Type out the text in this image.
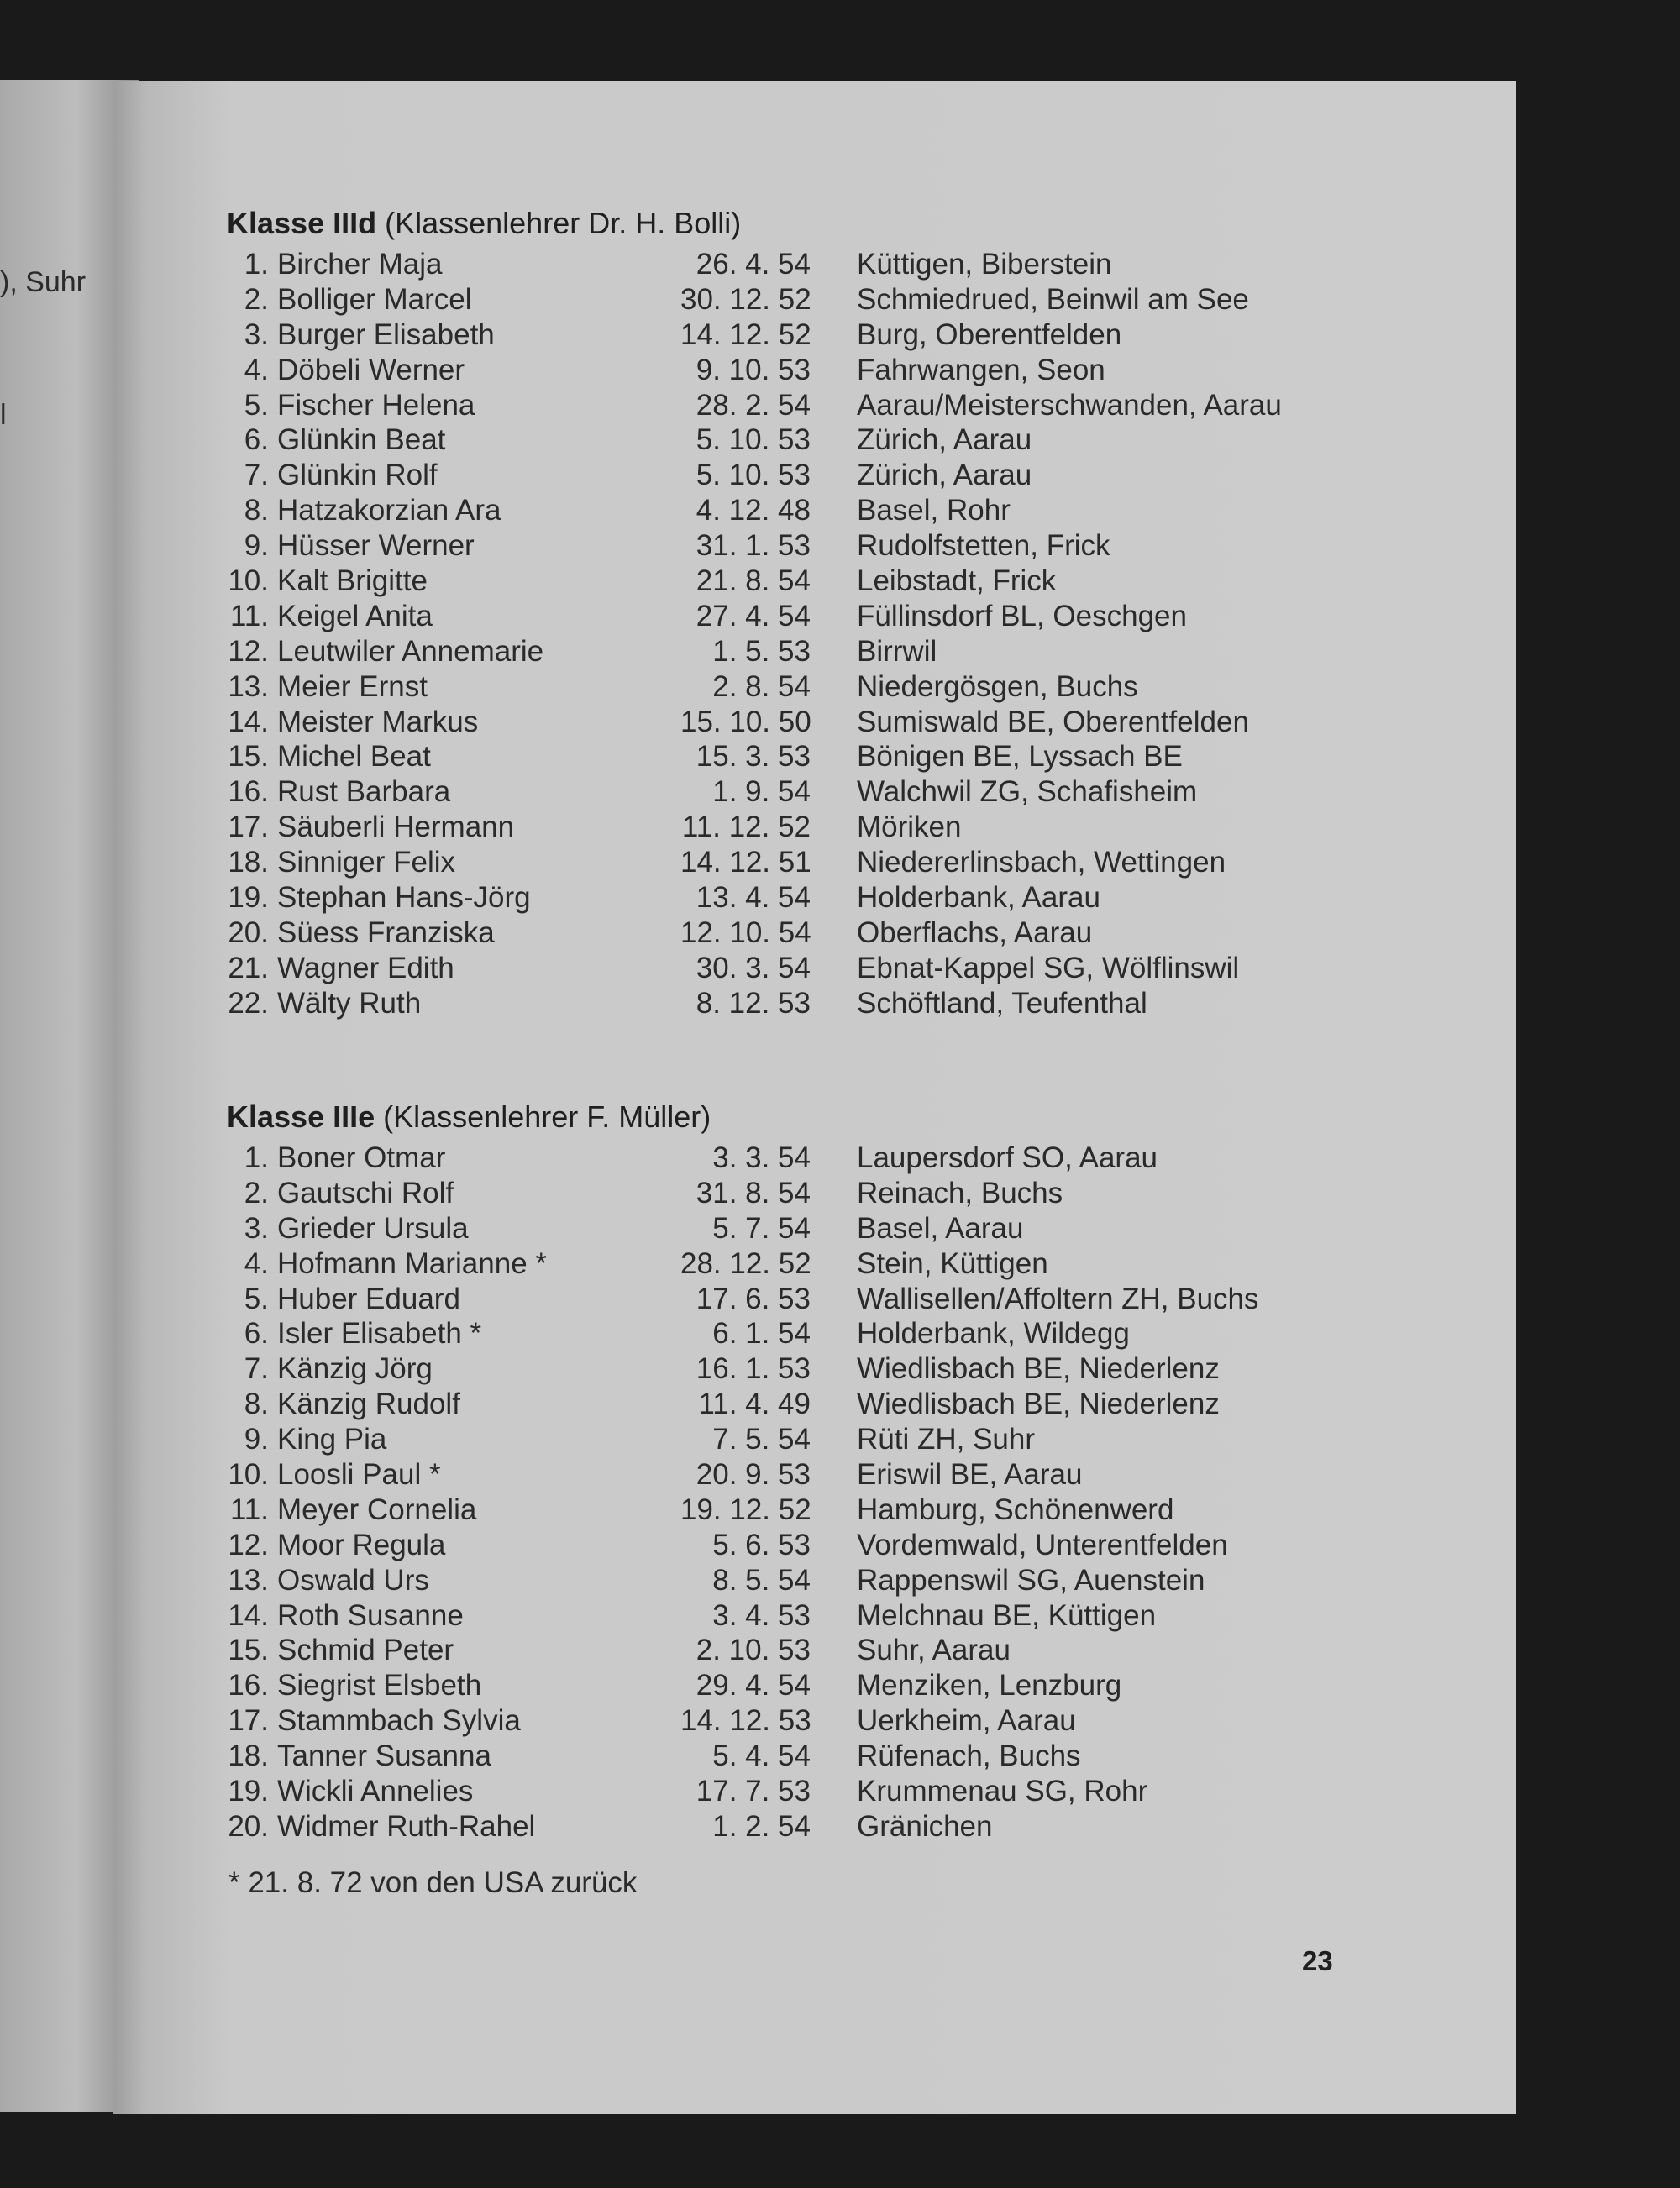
), Suhr
l
Klasse IIId (Klassenlehrer Dr. H. Bolli)
1. Bircher Maja	26. 4. 54 Küttigen, Biberstein
2. Bolliger Marcel	30. 12. 52 Schmiedrued, Beinwil am See
3. Burger Elisabeth	14. 12. 52 Burg, Oberentfelden
4. Döbeli Werner	9. 10. 53 Fahrwangen, Seon
5. Fischer Helena	28. 2. 54 Aarau/Meisterschwanden, Aarau
6. Glünkin Beat	5. 10. 53 Zürich, Aarau
7. Glünkin Rolf	5. 10. 53 Zürich, Aarau
8. Hatzakorzian Ara	4. 12. 48 Basel, Rohr
9. Hüsser Werner	31. 1. 53 Rudolfstetten, Frick
10. Kalt Brigitte	21. 8. 54 Leibstadt, Frick
11. Keigel Anita	27. 4. 54 Füllinsdorf BL, Oeschgen
12. Leutwiler Annemarie	1. 5. 53 Birrwil
13. Meier Ernst	2. 8. 54 Niedergösgen, Buchs
14. Meister Markus	15. 10. 50 Sumiswald BE, Oberentfelden
15. Michel Beat	15. 3. 53 Bönigen BE, Lyssach BE
16. Rust Barbara	1. 9. 54 Walchwil ZG, Schafisheim
17. Säuberli Hermann	11. 12. 52 Möriken
18. Sinniger Felix	14. 12. 51 Niedererlinsbach, Wettingen
19. Stephan Hans-Jörg	13. 4. 54 Holderbank, Aarau
20. Süess Franziska	12. 10. 54 Oberflachs, Aarau
21. Wagner Edith	30. 3. 54 Ebnat-Kappel SG, Wölflinswil
22. Wälty Ruth	8. 12. 53 Schöftland, Teufenthal
Klasse IIIe (Klassenlehrer F. Müller)
1. Boner Otmar	3. 3. 54 Laupersdorf SO, Aarau
2. Gautschi Rolf	31. 8. 54 Reinach, Buchs
3. Grieder Ursula	5. 7. 54 Basel, Aarau
4. Hofmann Marianne *	28. 12. 52 Stein, Küttigen
5. Huber Eduard	17. 6. 53 Wallisellen/Affoltern ZH, Buchs
6. Isler Elisabeth *	6. 1. 54 Holderbank, Wildegg
7. Känzig Jörg	16. 1. 53 Wiedlisbach BE, Niederlenz
8. Känzig Rudolf	11. 4. 49 Wiedlisbach BE, Niederlenz
9. King Pia	7. 5. 54 Rüti ZH, Suhr
10. Loosli Paul *	20. 9. 53 Eriswil BE, Aarau
11. Meyer Cornelia	19. 12. 52 Hamburg, Schönenwerd
12. Moor Regula	5. 6. 53 Vordemwald, Unterentfelden
13. Oswald Urs	8. 5. 54 Rappenswil SG, Auenstein
14. Roth Susanne	3. 4. 53 Melchnau BE, Küttigen
15. Schmid Peter	2. 10. 53 Suhr, Aarau
16. Siegrist Elsbeth	29. 4. 54 Menziken, Lenzburg
17. Stammbach Sylvia	14. 12. 53 Uerkheim, Aarau
18. Tanner Susanna	5. 4. 54 Rüfenach, Buchs
19. Wickli Annelies	17. 7. 53 Krummenau SG, Rohr
20. Widmer Ruth-Rahel	1. 2. 54 Gränichen
* 21. 8. 72 von den USA zurück
23
